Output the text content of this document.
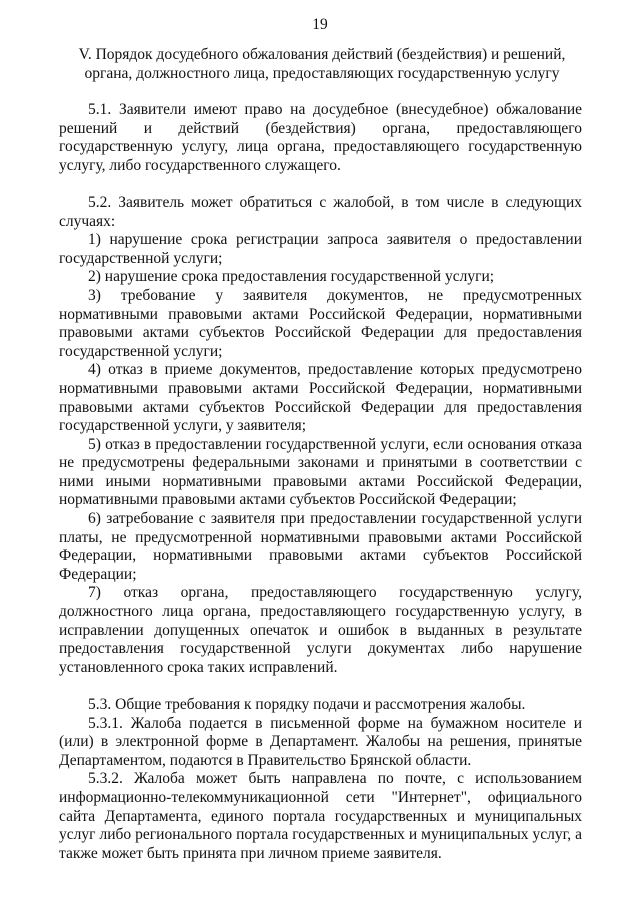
19
V. Порядок досудебного обжалования действий (бездействия) и решений, органа, должностного лица, предоставляющих государственную услугу

5.1. Заявители имеют право на досудебное (внесудебное) обжалование решений и действий (бездействия) органа, предоставляющего государственную услугу, лица органа, предоставляющего государственную услугу, либо государственного служащего.

5.2. Заявитель может обратиться с жалобой, в том числе в следующих случаях:

1) нарушение срока регистрации запроса заявителя о предоставлении государственной услуги;

2) нарушение срока предоставления государственной услуги;

3) требование у заявителя документов, не предусмотренных нормативными правовыми актами Российской Федерации, нормативными правовыми актами субъектов Российской Федерации для предоставления государственной услуги;

4) отказ в приеме документов, предоставление которых предусмотрено нормативными правовыми актами Российской Федерации, нормативными правовыми актами субъектов Российской Федерации для предоставления государственной услуги, у заявителя;

5) отказ в предоставлении государственной услуги, если основания отказа не предусмотрены федеральными законами и принятыми в соответствии с ними иными нормативными правовыми актами Российской Федерации, нормативными правовыми актами субъектов Российской Федерации;

6) затребование с заявителя при предоставлении государственной услуги платы, не предусмотренной нормативными правовыми актами Российской Федерации, нормативными правовыми актами субъектов Российской Федерации;

7) отказ органа, предоставляющего государственную услугу, должностного лица органа, предоставляющего государственную услугу, в исправлении допущенных опечаток и ошибок в выданных в результате предоставления государственной услуги документах либо нарушение установленного срока таких исправлений.

5.3. Общие требования к порядку подачи и рассмотрения жалобы.

5.3.1. Жалоба подается в письменной форме на бумажном носителе и (или) в электронной форме в Департамент. Жалобы на решения, принятые Департаментом, подаются в Правительство Брянской области.

5.3.2. Жалоба может быть направлена по почте, с использованием информационно-телекоммуникационной сети "Интернет", официального сайта Департамента, единого портала государственных и муниципальных услуг либо регионального портала государственных и муниципальных услуг, а также может быть принята при личном приеме заявителя.
